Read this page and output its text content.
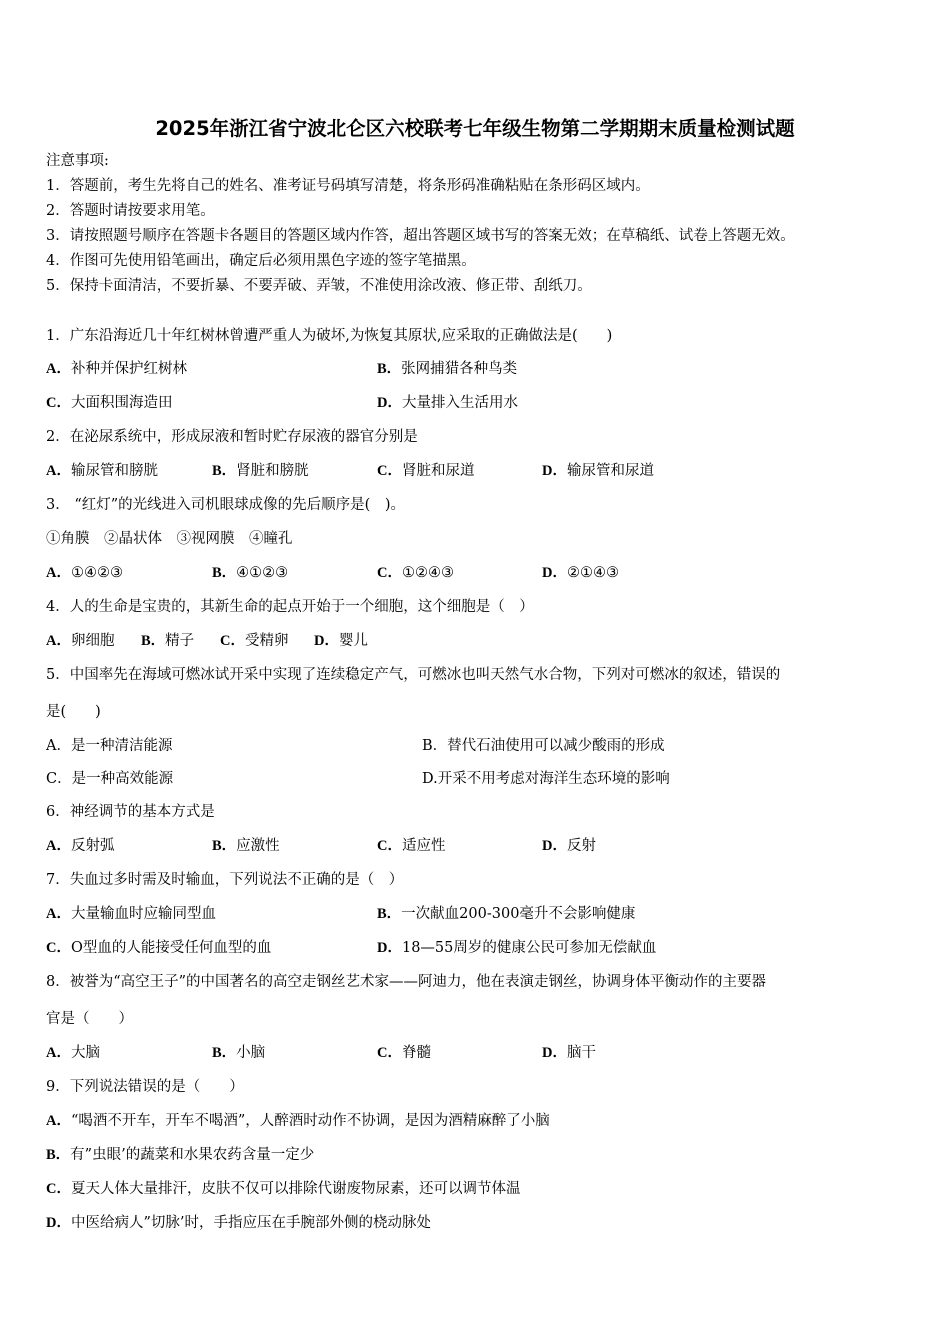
2025年浙江省宁波北仑区六校联考七年级生物第二学期期末质量检测试题
注意事项:
1．答题前，考生先将自己的姓名、准考证号码填写清楚，将条形码准确粘贴在条形码区域内。
2．答题时请按要求用笔。
3．请按照题号顺序在答题卡各题目的答题区域内作答，超出答题区域书写的答案无效；在草稿纸、试卷上答题无效。
4．作图可先使用铅笔画出，确定后必须用黑色字迹的签字笔描黑。
5．保持卡面清洁，不要折暴、不要弄破、弄皱，不准使用涂改液、修正带、刮纸刀。
1．广东沿海近几十年红树林曾遭严重人为破坏,为恢复其原状,应采取的正确做法是(　　)
A．补种并保护红树林	B．张网捕猎各种鸟类
C．大面积围海造田	D．大量排入生活用水
2．在泌尿系统中，形成尿液和暂时贮存尿液的器官分别是
A．输尿管和膀胱	B．肾脏和膀胱	C．肾脏和尿道	D．输尿管和尿道
3． “红灯”的光线进入司机眼球成像的先后顺序是(　)。
①角膜　②晶状体　③视网膜　④瞳孔
A．①④②③	B．④①②③	C．①②④③	D．②①④③
4．人的生命是宝贵的，其新生命的起点开始于一个细胞，这个细胞是（　）
A．卵细胞 B．精子 C．受精卵 D．婴儿
5．中国率先在海域可燃冰试开采中实现了连续稳定产气，可燃冰也叫天然气水合物，下列对可燃冰的叙述，错误的
是(　　)
A．是一种清洁能源	B．替代石油使用可以减少酸雨的形成
C．是一种高效能源	D.开采不用考虑对海洋生态环境的影响
6．神经调节的基本方式是
A．反射弧	B．应激性	C．适应性	D．反射
7．失血过多时需及时输血，下列说法不正确的是（　）
A．大量输血时应输同型血	B．一次献血200-300毫升不会影响健康
C．O型血的人能接受任何血型的血	D．18—55周岁的健康公民可参加无偿献血
8．被誉为“高空王子”的中国著名的高空走钢丝艺术家——阿迪力，他在表演走钢丝，协调身体平衡动作的主要器
官是（　　）
A．大脑	B．小脑	C．脊髓	D．脑干
9．下列说法错误的是（　　）
A．“喝酒不开车，开车不喝酒”，人醉酒时动作不协调，是因为酒精麻醉了小脑
B．有”虫眼’的蔬菜和水果农药含量一定少
C．夏天人体大量排汗，皮肤不仅可以排除代谢废物尿素，还可以调节体温
D．中医给病人”切脉’时，手指应压在手腕部外侧的桡动脉处
